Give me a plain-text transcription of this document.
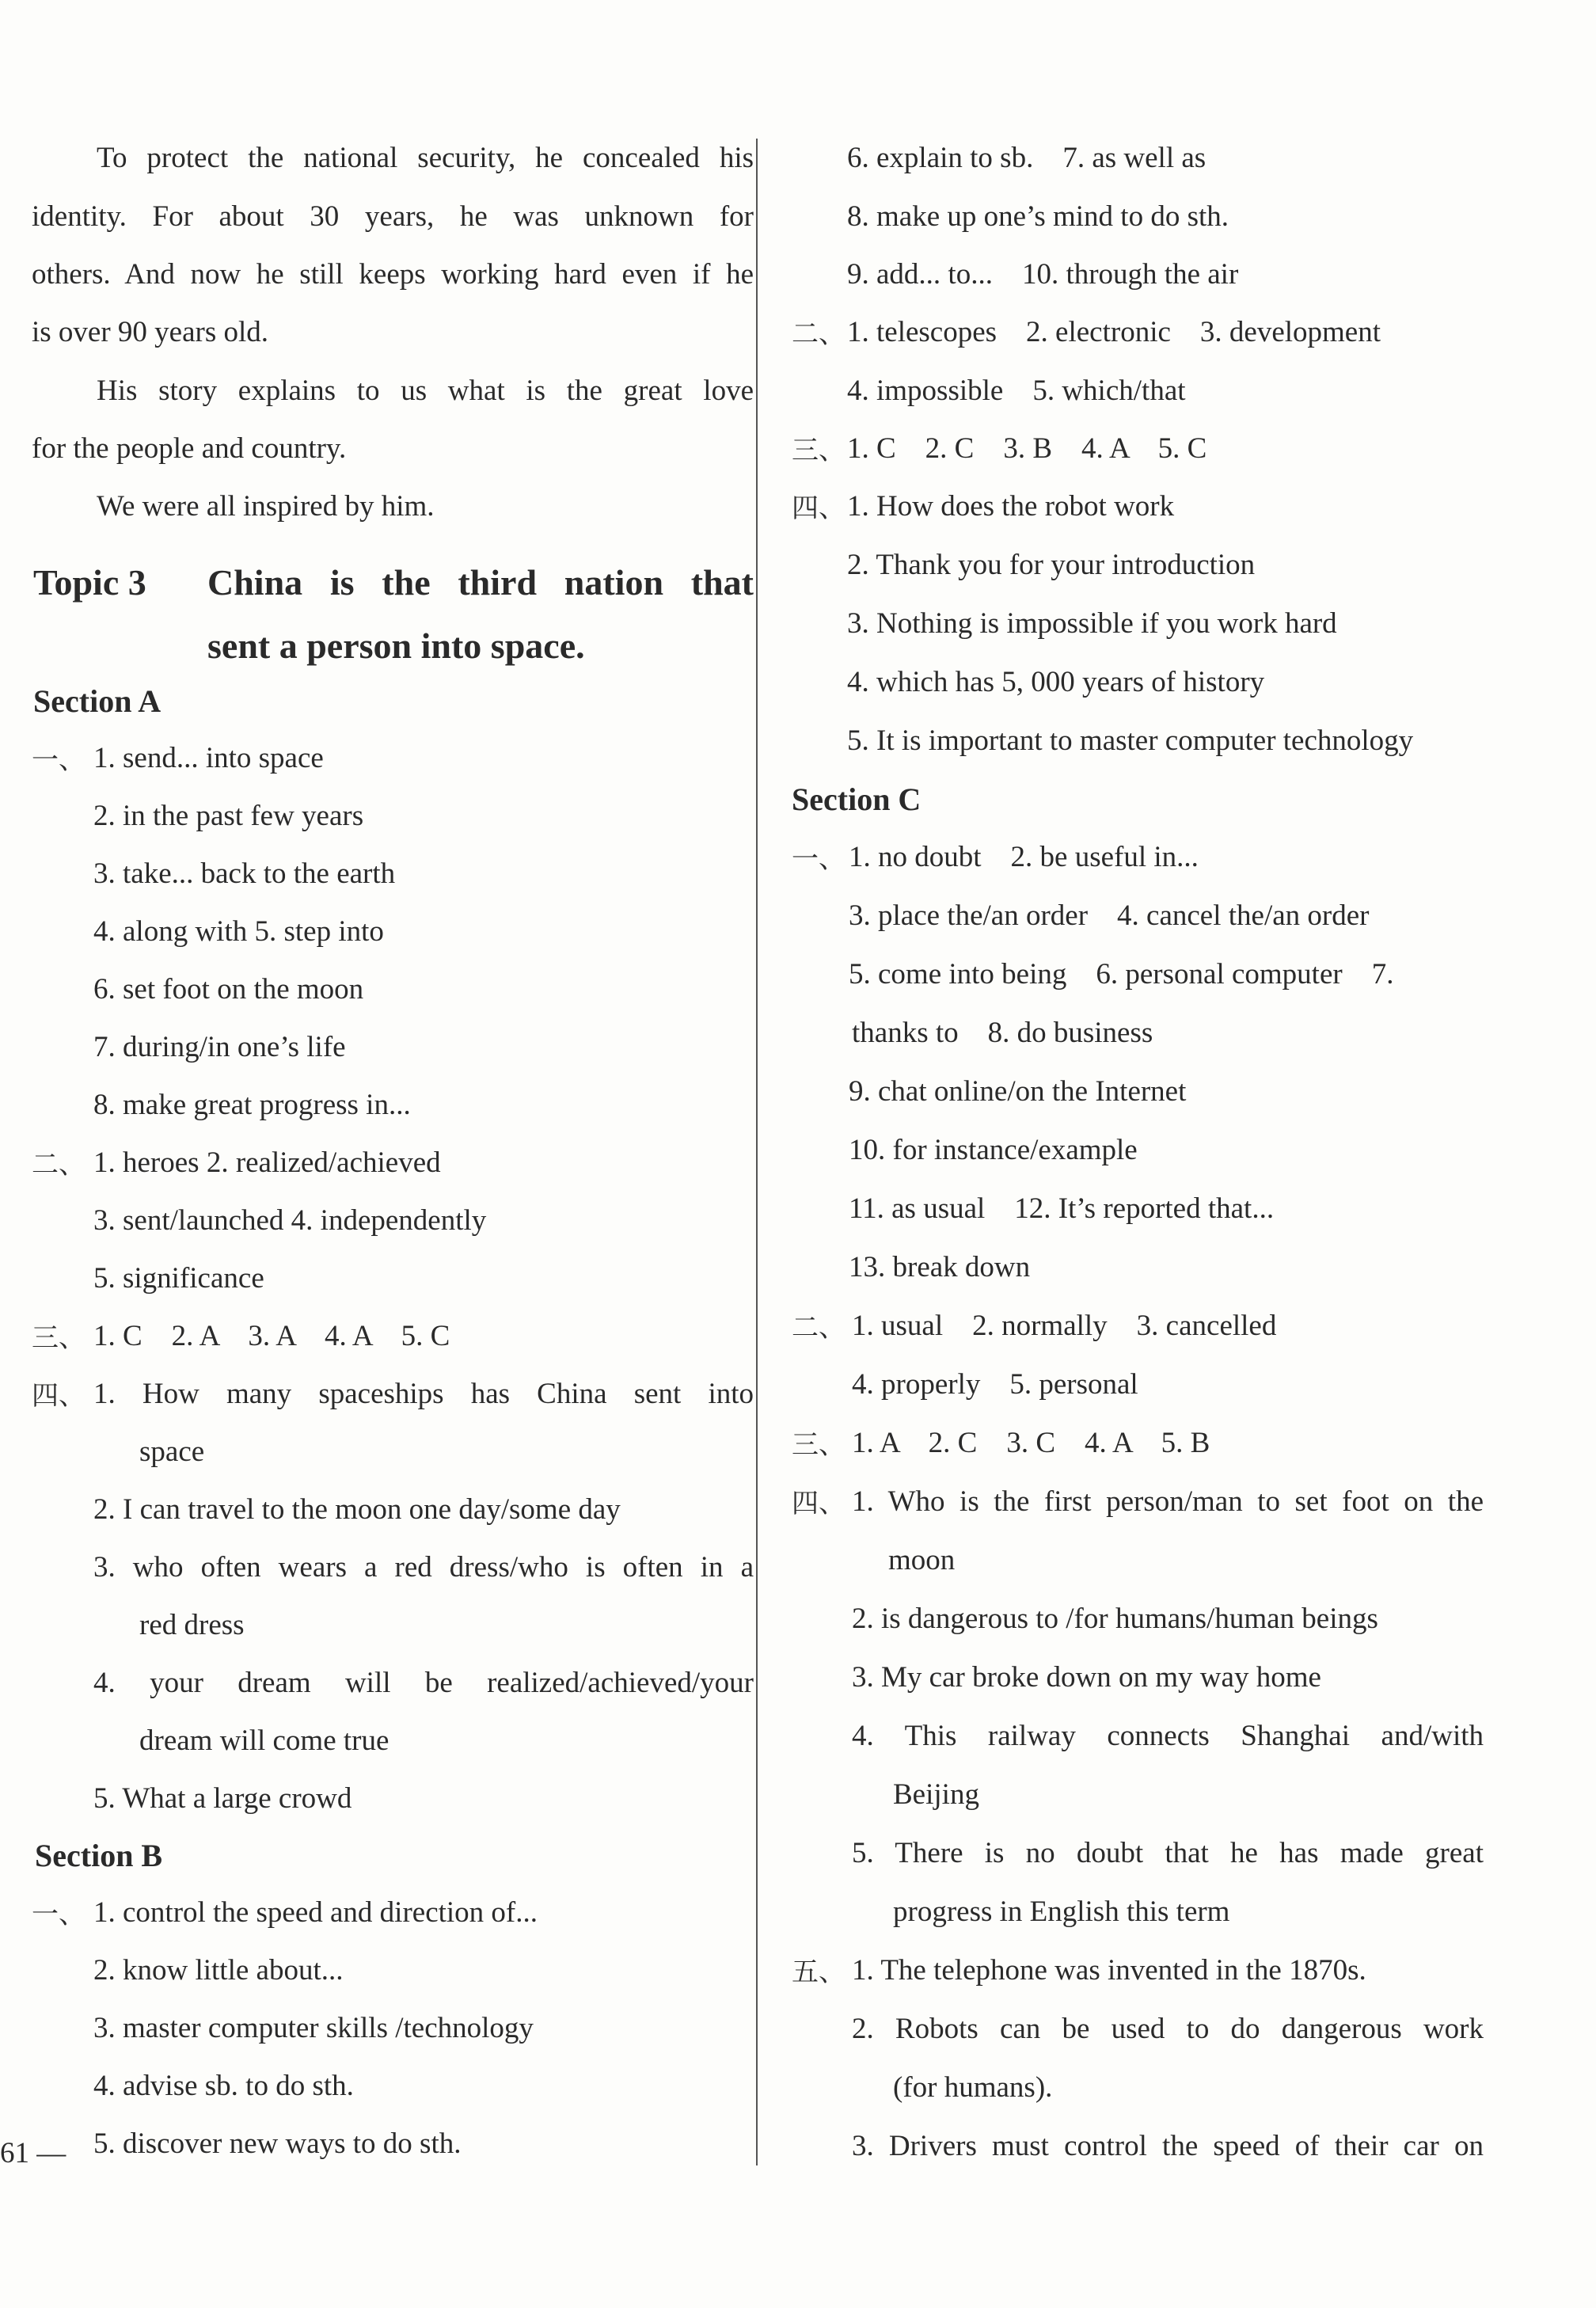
To protect the national security, he concealed his
identity. For about 30 years, he was unknown for
others. And now he still keeps working hard even if he
is over 90 years old.
His story explains to us what is the great love
for the people and country.
We were all inspired by him.
Topic 3 China is the third nation that
sent a person into space.
Section A
一、 1. send... into space
2. in the past few years
3. take... back to the earth
4. along with 5. step into
6. set foot on the moon
7. during/in one’s life
8. make great progress in...
二、 1. heroes 2. realized/achieved
3. sent/launched 4. independently
5. significance
三、 1. C    2. A    3. A    4. A    5. C
四、 1. How many spaceships has China sent into
space
2. I can travel to the moon one day/some day
3. who often wears a red dress/who is often in a
red dress
4. your dream will be realized/achieved/your
dream will come true
5. What a large crowd
Section B
一、 1. control the speed and direction of...
2. know little about...
3. master computer skills /technology
4. advise sb. to do sth.
5. discover new ways to do sth.
61 —
6. explain to sb.    7. as well as
8. make up one’s mind to do sth.
9. add... to...    10. through the air
二、 1. telescopes    2. electronic    3. development
4. impossible    5. which/that
三、 1. C    2. C    3. B    4. A    5. C
四、 1. How does the robot work
2. Thank you for your introduction
3. Nothing is impossible if you work hard
4. which has 5, 000 years of history
5. It is important to master computer technology
Section C
一、 1. no doubt    2. be useful in...
3. place the/an order    4. cancel the/an order
5. come into being    6. personal computer    7.
thanks to    8. do business
9. chat online/on the Internet
10. for instance/example
11. as usual    12. It’s reported that...
13. break down
二、 1. usual    2. normally    3. cancelled
4. properly    5. personal
三、 1. A    2. C    3. C    4. A    5. B
四、 1. Who is the first person/man to set foot on the
moon
2. is dangerous to /for humans/human beings
3. My car broke down on my way home
4. This railway connects Shanghai and/with
Beijing
5. There is no doubt that he has made great
progress in English this term
五、 1. The telephone was invented in the 1870s.
2. Robots can be used to do dangerous work
(for humans).
3. Drivers must control the speed of their car on
